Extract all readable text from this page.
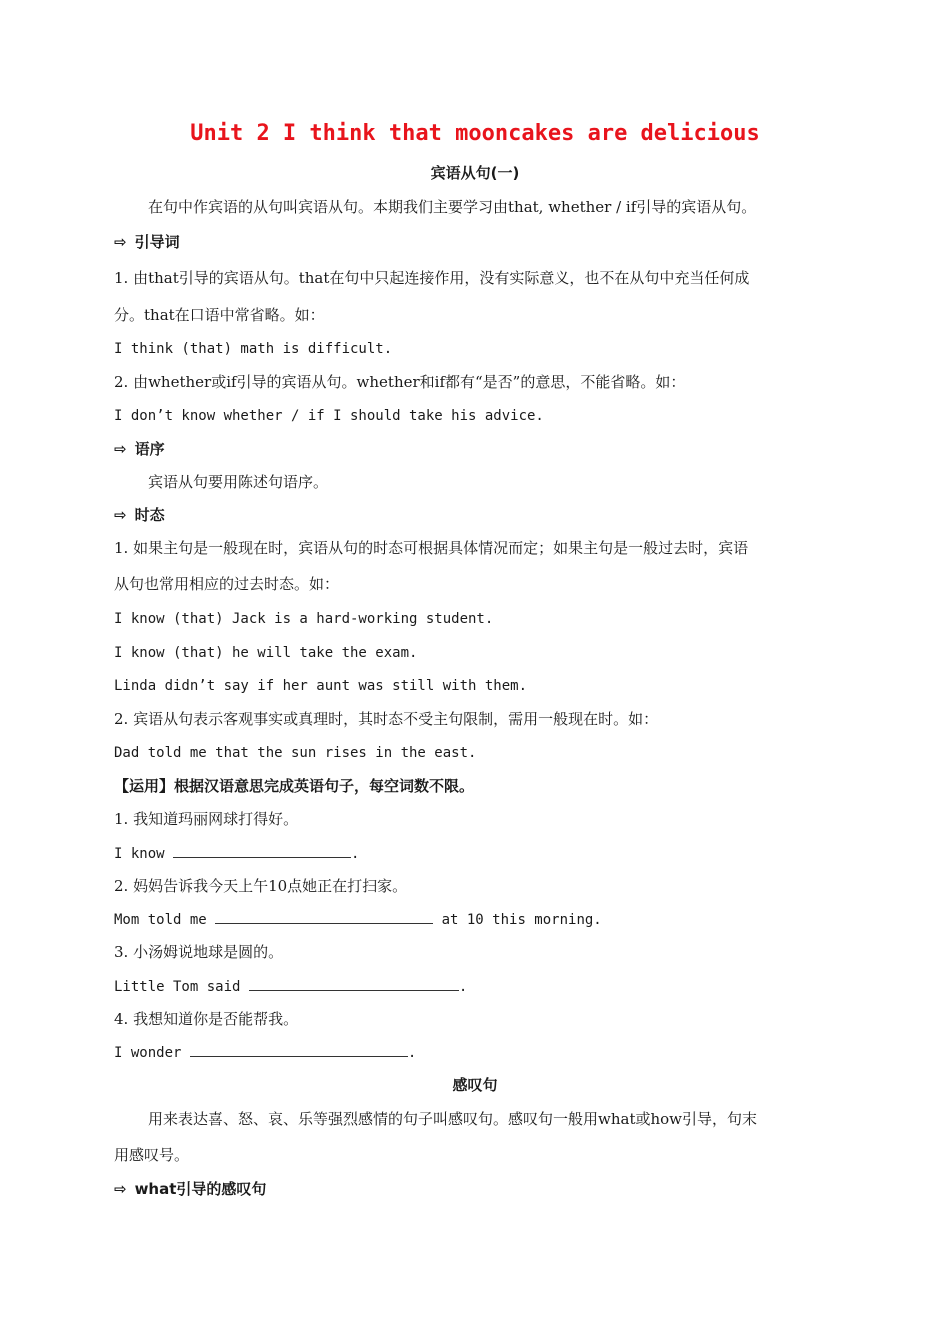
Unit 2 I think that mooncakes are delicious
宾语从句(一)
在句中作宾语的从句叫宾语从句。本期我们主要学习由that, whether / if引导的宾语从句。
⇨ 引导词
1. 由that引导的宾语从句。that在句中只起连接作用，没有实际意义，也不在从句中充当任何成
分。that在口语中常省略。如：
I think (that) math is difficult.
2. 由whether或if引导的宾语从句。whether和if都有“是否”的意思，不能省略。如：
I don’t know whether / if I should take his advice.
⇨ 语序
宾语从句要用陈述句语序。
⇨ 时态
1. 如果主句是一般现在时，宾语从句的时态可根据具体情况而定；如果主句是一般过去时，宾语
从句也常用相应的过去时态。如：
I know (that) Jack is a hard-working student.
I know (that) he will take the exam.
Linda didn’t say if her aunt was still with them.
2. 宾语从句表示客观事实或真理时，其时态不受主句限制，需用一般现在时。如：
Dad told me that the sun rises in the east.
【运用】根据汉语意思完成英语句子，每空词数不限。
1. 我知道玛丽网球打得好。
I know	.
2. 妈妈告诉我今天上午10点她正在打扫家。
Mom told me	at 10 this morning.
3. 小汤姆说地球是圆的。
Little Tom said	.
4. 我想知道你是否能帮我。
I wonder	.
感叹句
用来表达喜、怒、哀、乐等强烈感情的句子叫感叹句。感叹句一般用what或how引导，句末
用感叹号。
⇨ what引导的感叹句
